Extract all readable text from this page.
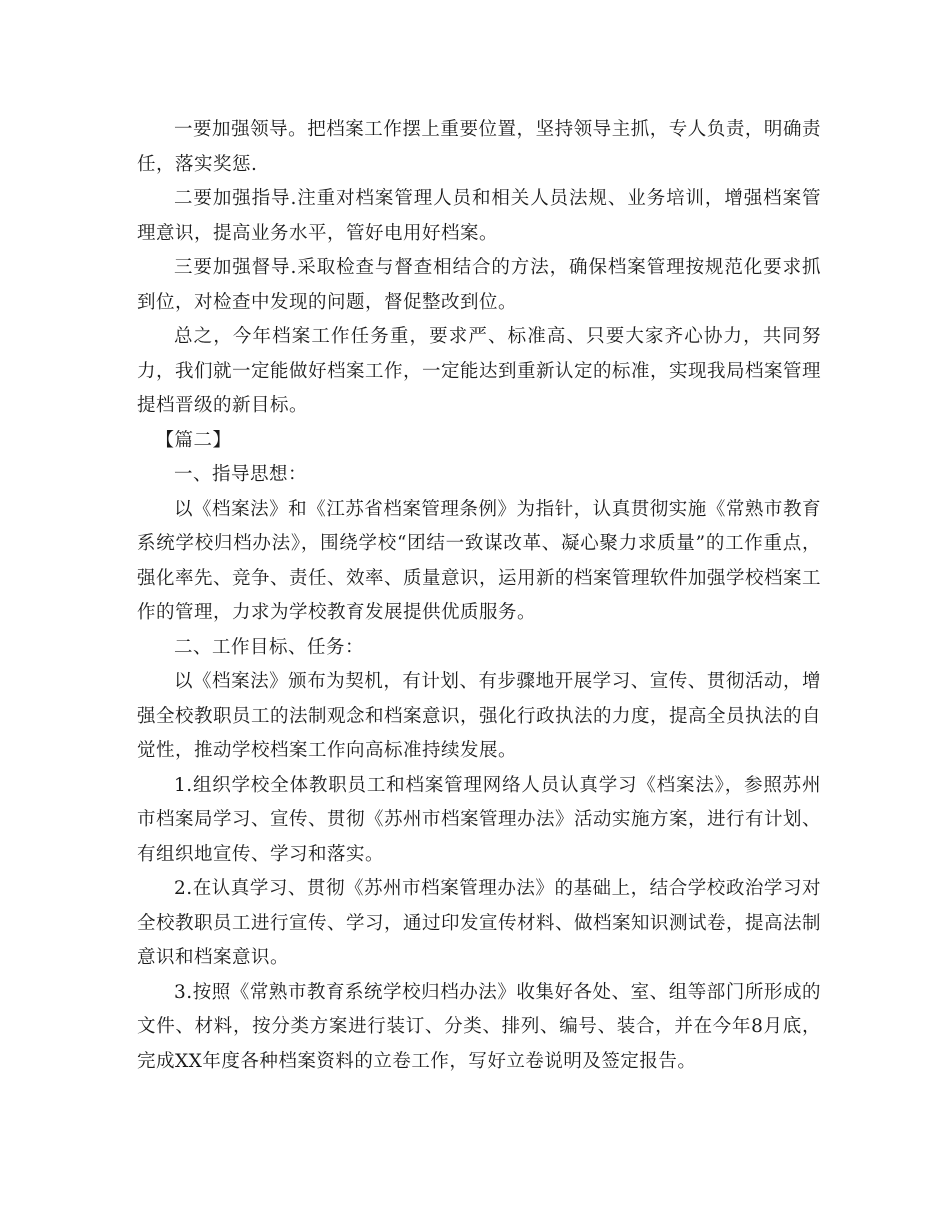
一要加强领导。把档案工作摆上重要位置，坚持领导主抓，专人负责，明确责任，落实奖惩.

二要加强指导.注重对档案管理人员和相关人员法规、业务培训，增强档案管理意识，提高业务水平，管好电用好档案。

三要加强督导.采取检查与督查相结合的方法，确保档案管理按规范化要求抓到位，对检查中发现的问题，督促整改到位。

总之，今年档案工作任务重，要求严、标准高、只要大家齐心协力，共同努力，我们就一定能做好档案工作，一定能达到重新认定的标准，实现我局档案管理提档晋级的新目标。

【篇二】

一、指导思想：

以《档案法》和《江苏省档案管理条例》为指针，认真贯彻实施《常熟市教育系统学校归档办法》，围绕学校“团结一致谋改革、凝心聚力求质量”的工作重点，强化率先、竞争、责任、效率、质量意识，运用新的档案管理软件加强学校档案工作的管理，力求为学校教育发展提供优质服务。

二、工作目标、任务：

以《档案法》颁布为契机，有计划、有步骤地开展学习、宣传、贯彻活动，增强全校教职员工的法制观念和档案意识，强化行政执法的力度，提高全员执法的自觉性，推动学校档案工作向高标准持续发展。

1.组织学校全体教职员工和档案管理网络人员认真学习《档案法》，参照苏州市档案局学习、宣传、贯彻《苏州市档案管理办法》活动实施方案，进行有计划、有组织地宣传、学习和落实。

2.在认真学习、贯彻《苏州市档案管理办法》的基础上，结合学校政治学习对全校教职员工进行宣传、学习，通过印发宣传材料、做档案知识测试卷，提高法制意识和档案意识。

3.按照《常熟市教育系统学校归档办法》收集好各处、室、组等部门所形成的文件、材料，按分类方案进行装订、分类、排列、编号、装合，并在今年8月底，完成XX年度各种档案资料的立卷工作，写好立卷说明及签定报告。
